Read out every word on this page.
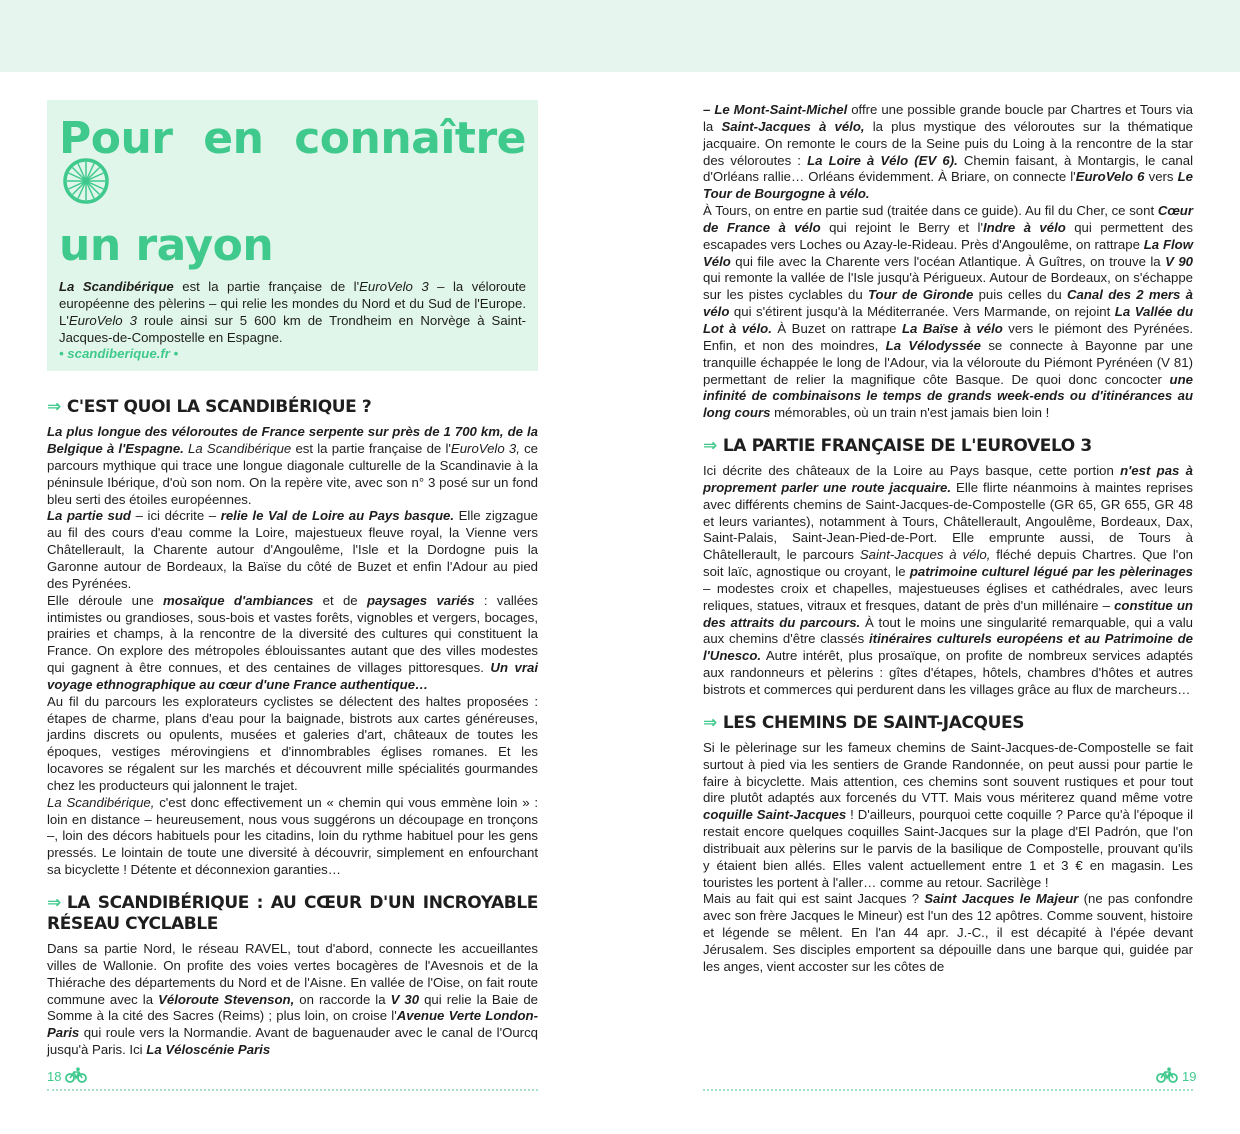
Pour en connaître
un rayon

La Scandibérique est la partie française de l'EuroVelo 3 – la véloroute européenne des pèlerins – qui relie les mondes du Nord et du Sud de l'Europe. L'EuroVelo 3 roule ainsi sur 5 600 km de Trondheim en Norvège à Saint-Jacques-de-Compostelle en Espagne.
• scandiberique.fr •

⇒ C'EST QUOI LA SCANDIBÉRIQUE ?

La plus longue des véloroutes de France serpente sur près de 1 700 km, de la Belgique à l'Espagne. La Scandibérique est la partie française de l'EuroVelo 3, ce parcours mythique qui trace une longue diagonale culturelle de la Scandinavie à la péninsule Ibérique, d'où son nom. On la repère vite, avec son n° 3 posé sur un fond bleu serti des étoiles européennes.

La partie sud – ici décrite – relie le Val de Loire au Pays basque. Elle zigzague au fil des cours d'eau comme la Loire, majestueux fleuve royal, la Vienne vers Châtellerault, la Charente autour d'Angoulême, l'Isle et la Dordogne puis la Garonne autour de Bordeaux, la Baïse du côté de Buzet et enfin l'Adour au pied des Pyrénées.

Elle déroule une mosaïque d'ambiances et de paysages variés : vallées intimistes ou grandioses, sous-bois et vastes forêts, vignobles et vergers, bocages, prairies et champs, à la rencontre de la diversité des cultures qui constituent la France. On explore des métropoles éblouissantes autant que des villes modestes qui gagnent à être connues, et des centaines de villages pittoresques. Un vrai voyage ethnographique au cœur d'une France authentique…

Au fil du parcours les explorateurs cyclistes se délectent des haltes proposées : étapes de charme, plans d'eau pour la baignade, bistrots aux cartes généreuses, jardins discrets ou opulents, musées et galeries d'art, châteaux de toutes les époques, vestiges mérovingiens et d'innombrables églises romanes. Et les locavores se régalent sur les marchés et découvrent mille spécialités gourmandes chez les producteurs qui jalonnent le trajet.

La Scandibérique, c'est donc effectivement un « chemin qui vous emmène loin » : loin en distance – heureusement, nous vous suggérons un découpage en tronçons –, loin des décors habituels pour les citadins, loin du rythme habituel pour les gens pressés. Le lointain de toute une diversité à découvrir, simplement en enfourchant sa bicyclette ! Détente et déconnexion garanties…

⇒ LA SCANDIBÉRIQUE : AU CŒUR D'UN INCROYABLE RÉSEAU CYCLABLE

Dans sa partie Nord, le réseau RAVEL, tout d'abord, connecte les accueillantes villes de Wallonie. On profite des voies vertes bocagères de l'Avesnois et de la Thiérache des départements du Nord et de l'Aisne. En vallée de l'Oise, on fait route commune avec la Véloroute Stevenson, on raccorde la V 30 qui relie la Baie de Somme à la cité des Sacres (Reims) ; plus loin, on croise l'Avenue Verte London-Paris qui roule vers la Normandie. Avant de baguenauder avec le canal de l'Ourcq jusqu'à Paris. Ici La Véloscénie Paris

18

– Le Mont-Saint-Michel offre une possible grande boucle par Chartres et Tours via la Saint-Jacques à vélo, la plus mystique des véloroutes sur la thématique jacquaire. On remonte le cours de la Seine puis du Loing à la rencontre de la star des véloroutes : La Loire à Vélo (EV 6). Chemin faisant, à Montargis, le canal d'Orléans rallie… Orléans évidemment. À Briare, on connecte l'EuroVelo 6 vers Le Tour de Bourgogne à vélo.

À Tours, on entre en partie sud (traitée dans ce guide). Au fil du Cher, ce sont Cœur de France à vélo qui rejoint le Berry et l'Indre à vélo qui permettent des escapades vers Loches ou Azay-le-Rideau. Près d'Angoulême, on rattrape La Flow Vélo qui file avec la Charente vers l'océan Atlantique. À Guîtres, on trouve la V 90 qui remonte la vallée de l'Isle jusqu'à Périgueux. Autour de Bordeaux, on s'échappe sur les pistes cyclables du Tour de Gironde puis celles du Canal des 2 mers à vélo qui s'étirent jusqu'à la Méditerranée. Vers Marmande, on rejoint La Vallée du Lot à vélo. À Buzet on rattrape La Baïse à vélo vers le piémont des Pyrénées. Enfin, et non des moindres, La Vélodyssée se connecte à Bayonne par une tranquille échappée le long de l'Adour, via la véloroute du Piémont Pyrénéen (V 81) permettant de relier la magnifique côte Basque. De quoi donc concocter une infinité de combinaisons le temps de grands week-ends ou d'itinérances au long cours mémorables, où un train n'est jamais bien loin !

⇒ LA PARTIE FRANÇAISE DE L'EUROVELO 3

Ici décrite des châteaux de la Loire au Pays basque, cette portion n'est pas à proprement parler une route jacquaire. Elle flirte néanmoins à maintes reprises avec différents chemins de Saint-Jacques-de-Compostelle (GR 65, GR 655, GR 48 et leurs variantes), notamment à Tours, Châtellerault, Angoulême, Bordeaux, Dax, Saint-Palais, Saint-Jean-Pied-de-Port. Elle emprunte aussi, de Tours à Châtellerault, le parcours Saint-Jacques à vélo, fléché depuis Chartres. Que l'on soit laïc, agnostique ou croyant, le patrimoine culturel légué par les pèlerinages – modestes croix et chapelles, majestueuses églises et cathédrales, avec leurs reliques, statues, vitraux et fresques, datant de près d'un millénaire – constitue un des attraits du parcours. À tout le moins une singularité remarquable, qui a valu aux chemins d'être classés itinéraires culturels européens et au Patrimoine de l'Unesco. Autre intérêt, plus prosaïque, on profite de nombreux services adaptés aux randonneurs et pèlerins : gîtes d'étapes, hôtels, chambres d'hôtes et autres bistrots et commerces qui perdurent dans les villages grâce au flux de marcheurs…

⇒ LES CHEMINS DE SAINT-JACQUES

Si le pèlerinage sur les fameux chemins de Saint-Jacques-de-Compostelle se fait surtout à pied via les sentiers de Grande Randonnée, on peut aussi pour partie le faire à bicyclette. Mais attention, ces chemins sont souvent rustiques et pour tout dire plutôt adaptés aux forcenés du VTT. Mais vous mériterez quand même votre coquille Saint-Jacques ! D'ailleurs, pourquoi cette coquille ? Parce qu'à l'époque il restait encore quelques coquilles Saint-Jacques sur la plage d'El Padrón, que l'on distribuait aux pèlerins sur le parvis de la basilique de Compostelle, prouvant qu'ils y étaient bien allés. Elles valent actuellement entre 1 et 3 € en magasin. Les touristes les portent à l'aller… comme au retour. Sacrilège !

Mais au fait qui est saint Jacques ? Saint Jacques le Majeur (ne pas confondre avec son frère Jacques le Mineur) est l'un des 12 apôtres. Comme souvent, histoire et légende se mêlent. En l'an 44 apr. J.-C., il est décapité à l'épée devant Jérusalem. Ses disciples emportent sa dépouille dans une barque qui, guidée par les anges, vient accoster sur les côtes de

19
